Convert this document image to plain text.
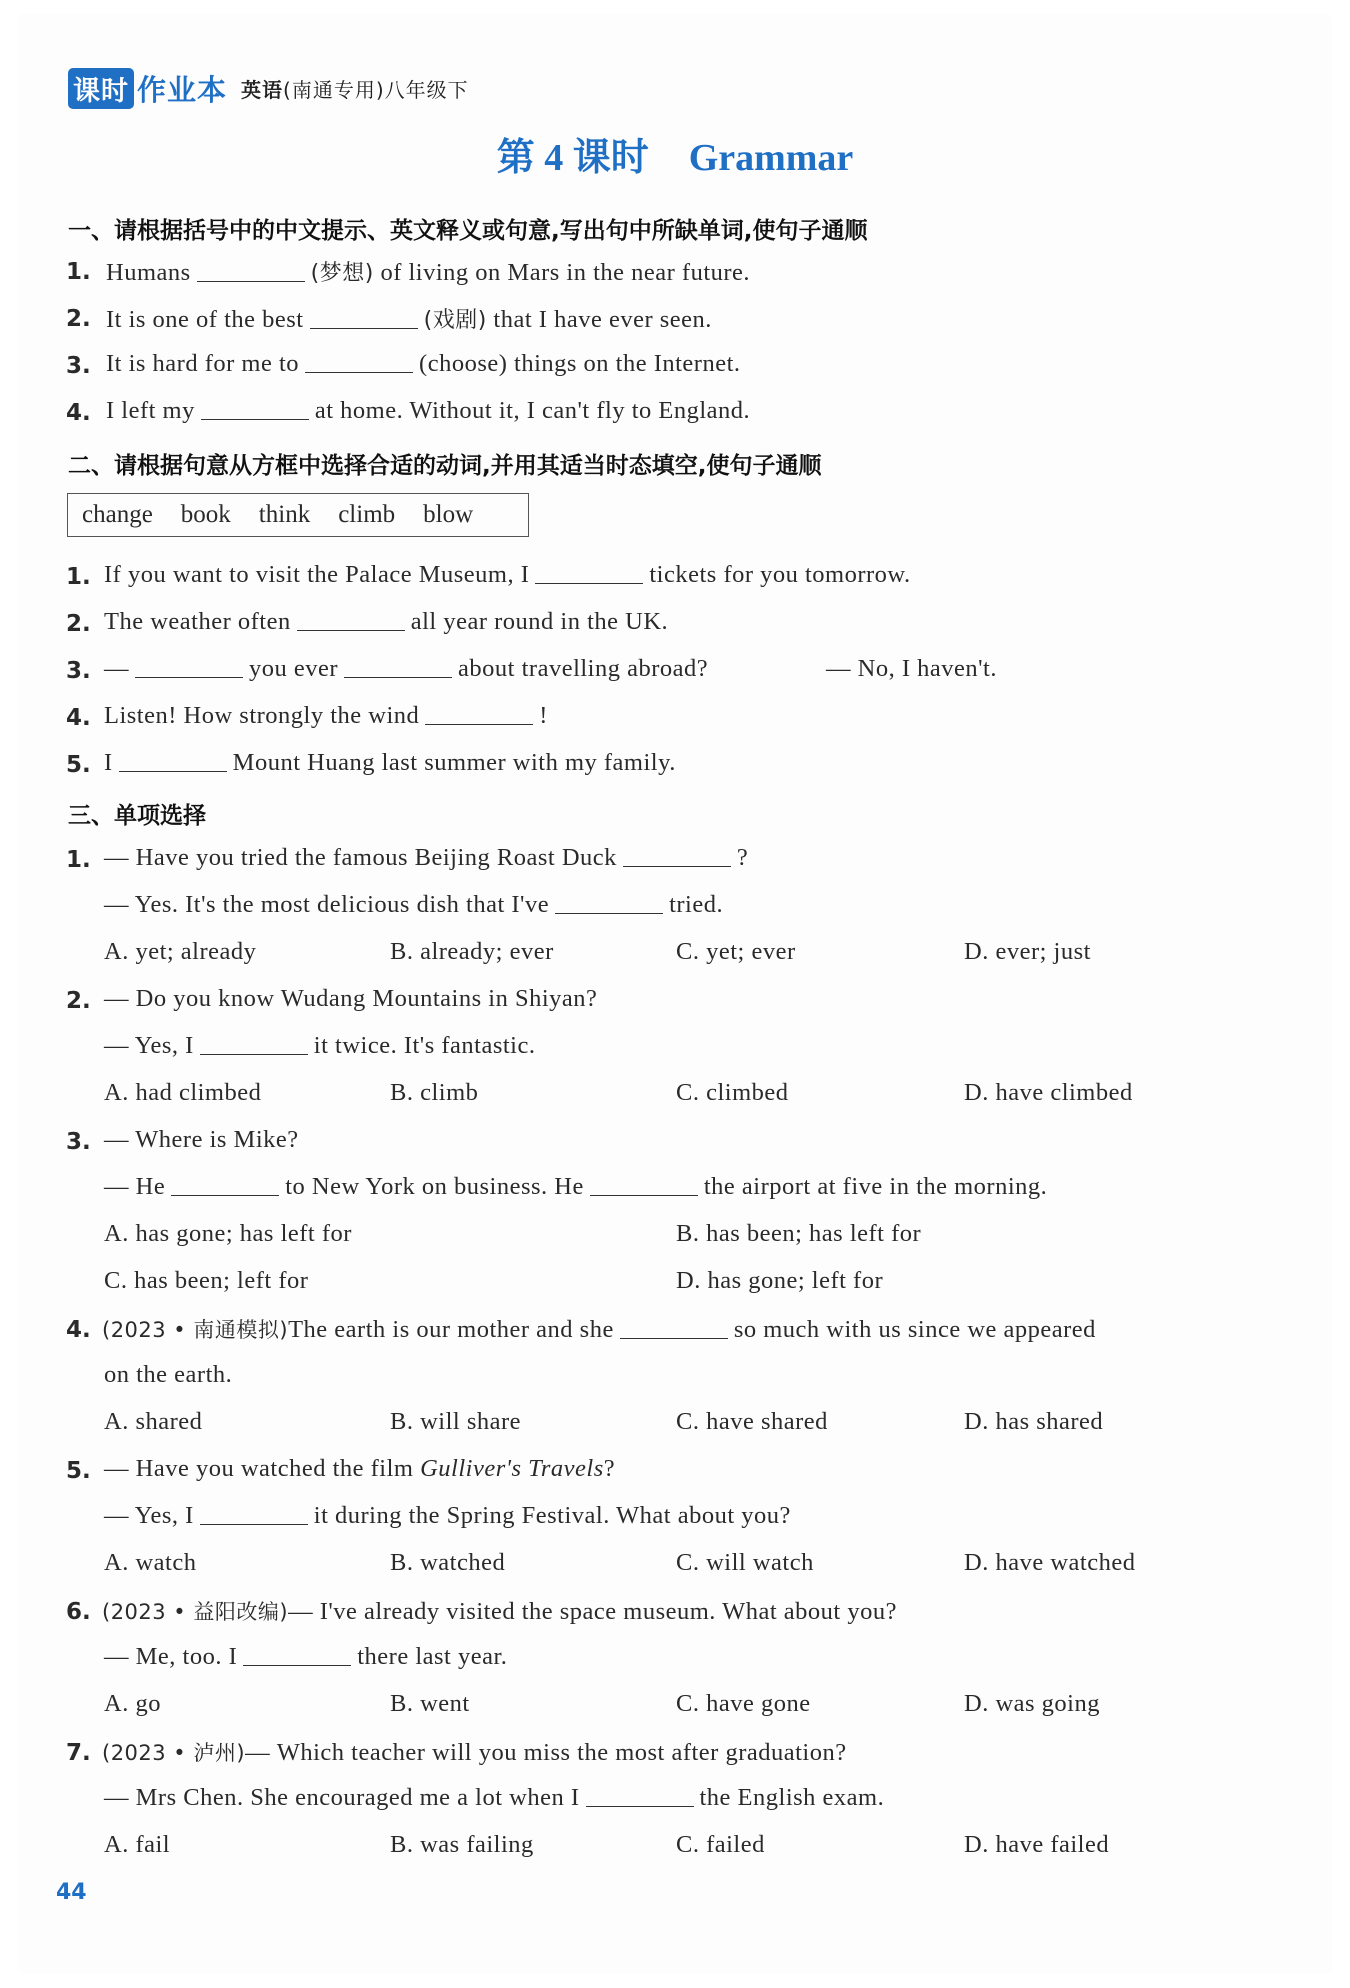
课时 作业本 英语(南通专用)八年级下
第 4 课时 Grammar
一、请根据括号中的中文提示、英文释义或句意,写出句中所缺单词,使句子通顺
1. Humans	(梦想) of living on Mars in the near future.
2. It is one of the best	(戏剧) that I have ever seen.
3. It is hard for me to	(choose) things on the Internet.
4. I left my	at home. Without it, I can't fly to England.
二、请根据句意从方框中选择合适的动词,并用其适当时态填空,使句子通顺
change book think climb blow
1. If you want to visit the Palace Museum, I	tickets for you tomorrow.
2. The weather often	all year round in the UK.
3. —	you ever	about travelling abroad?	— No, I haven't.
4. Listen! How strongly the wind	!
5. I	Mount Huang last summer with my family.
三、单项选择
1. — Have you tried the famous Beijing Roast Duck	?
— Yes. It's the most delicious dish that I've	tried.
A. yet; already	B. already; ever	C. yet; ever	D. ever; just
2. — Do you know Wudang Mountains in Shiyan?
— Yes, I	it twice. It's fantastic.
A. had climbed	B. climb	C. climbed	D. have climbed
3. — Where is Mike?
— He	to New York on business. He	the airport at five in the morning.
A. has gone; has left for	B. has been; has left for
C. has been; left for	D. has gone; left for
4. (2023 • 南通模拟)The earth is our mother and she	so much with us since we appeared
on the earth.
A. shared	B. will share	C. have shared	D. has shared
5. — Have you watched the film Gulliver's Travels?
— Yes, I	it during the Spring Festival. What about you?
A. watch	B. watched	C. will watch	D. have watched
6. (2023 • 益阳改编)— I've already visited the space museum. What about you?
— Me, too. I	there last year.
A. go	B. went	C. have gone	D. was going
7. (2023 • 泸州)— Which teacher will you miss the most after graduation?
— Mrs Chen. She encouraged me a lot when I	the English exam.
A. fail	B. was failing	C. failed	D. have failed
44
